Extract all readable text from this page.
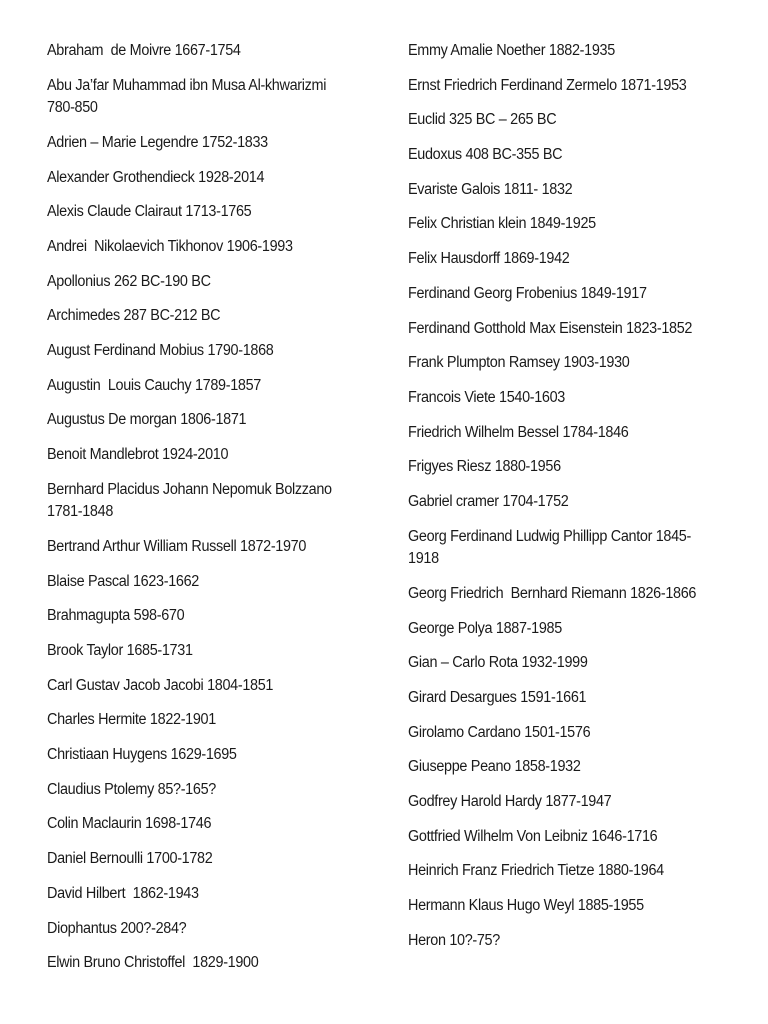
Abraham  de Moivre 1667-1754
Abu Ja’far Muhammad ibn Musa Al-khwarizmi 780-850
Adrien – Marie Legendre 1752-1833
Alexander Grothendieck 1928-2014
Alexis Claude Clairaut 1713-1765
Andrei  Nikolaevich Tikhonov 1906-1993
Apollonius 262 BC-190 BC
Archimedes 287 BC-212 BC
August Ferdinand Mobius 1790-1868
Augustin  Louis Cauchy 1789-1857
Augustus De morgan 1806-1871
Benoit Mandlebrot 1924-2010
Bernhard Placidus Johann Nepomuk Bolzzano 1781-1848
Bertrand Arthur William Russell 1872-1970
Blaise Pascal 1623-1662
Brahmagupta 598-670
Brook Taylor 1685-1731
Carl Gustav Jacob Jacobi 1804-1851
Charles Hermite 1822-1901
Christiaan Huygens 1629-1695
Claudius Ptolemy 85?-165?
Colin Maclaurin 1698-1746
Daniel Bernoulli 1700-1782
David Hilbert  1862-1943
Diophantus 200?-284?
Elwin Bruno Christoffel  1829-1900
Emmy Amalie Noether 1882-1935
Ernst Friedrich Ferdinand Zermelo 1871-1953
Euclid 325 BC – 265 BC
Eudoxus 408 BC-355 BC
Evariste Galois 1811- 1832
Felix Christian klein 1849-1925
Felix Hausdorff 1869-1942
Ferdinand Georg Frobenius 1849-1917
Ferdinand Gotthold Max Eisenstein 1823-1852
Frank Plumpton Ramsey 1903-1930
Francois Viete 1540-1603
Friedrich Wilhelm Bessel 1784-1846
Frigyes Riesz 1880-1956
Gabriel cramer 1704-1752
Georg Ferdinand Ludwig Phillipp Cantor 1845-1918
Georg Friedrich  Bernhard Riemann 1826-1866
George Polya 1887-1985
Gian – Carlo Rota 1932-1999
Girard Desargues 1591-1661
Girolamo Cardano 1501-1576
Giuseppe Peano 1858-1932
Godfrey Harold Hardy 1877-1947
Gottfried Wilhelm Von Leibniz 1646-1716
Heinrich Franz Friedrich Tietze 1880-1964
Hermann Klaus Hugo Weyl 1885-1955
Heron 10?-75?
